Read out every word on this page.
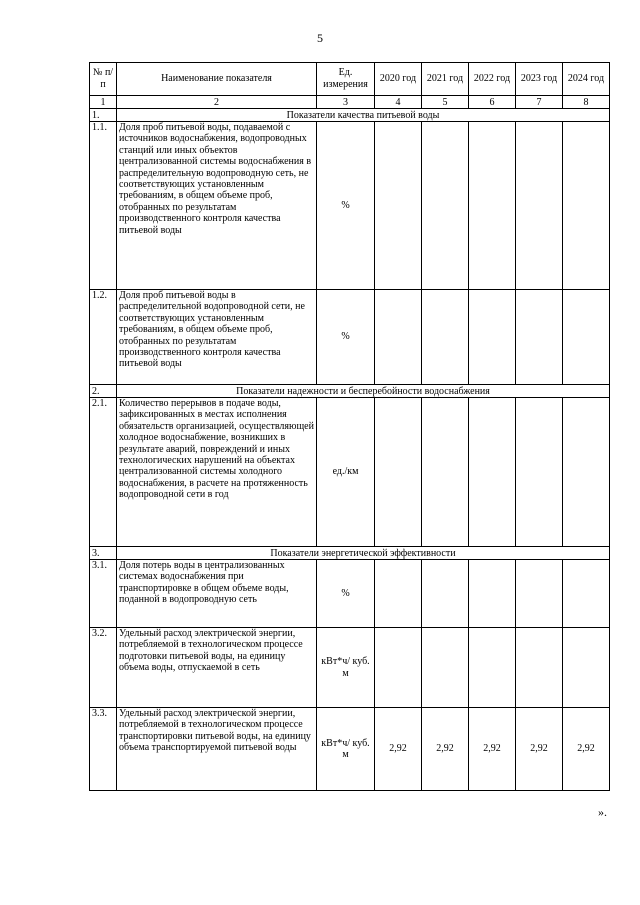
5
№ п/п	Наименование показателя	Ед. измерения	2020 год	2021 год	2022 год	2023 год	2024 год
1	2	3	4	5	6	7	8
1.	Показатели качества питьевой воды						
1.1.	Доля проб питьевой воды, подаваемой с источников водоснабжения, водопроводных станций или иных объектов централизованной системы водоснабжения в распределительную водопроводную сеть, не соответствующих установленным требованиям, в общем объеме проб, отобранных по результатам производственного контроля качества питьевой воды	%					
1.2.	Доля проб питьевой воды в распределительной водопроводной сети, не соответствующих установленным требованиям, в общем объеме проб, отобранных по результатам производственного контроля качества питьевой воды	%					
2.	Показатели надежности и бесперебойности водоснабжения						
2.1.	Количество перерывов в подаче воды, зафиксированных в местах исполнения обязательств организацией, осуществляющей холодное водоснабжение, возникших в результате аварий, повреждений и иных технологических нарушений на объектах централизованной системы холодного водоснабжения, в расчете на протяженность водопроводной сети в год	ед./км					
3.	Показатели энергетической эффективности						
3.1.	Доля потерь воды в централизованных системах водоснабжения при транспортировке в общем объеме воды, поданной в водопроводную сеть	%					
3.2.	Удельный расход электрической энергии, потребляемой в технологическом процессе подготовки питьевой воды, на единицу объема воды, отпускаемой в сеть	кВт*ч/ куб. м					
3.3.	Удельный расход электрической энергии, потребляемой в технологическом процессе транспортировки питьевой воды, на единицу объема транспортируемой питьевой воды	кВт*ч/ куб. м	2,92	2,92	2,92	2,92	2,92
».
